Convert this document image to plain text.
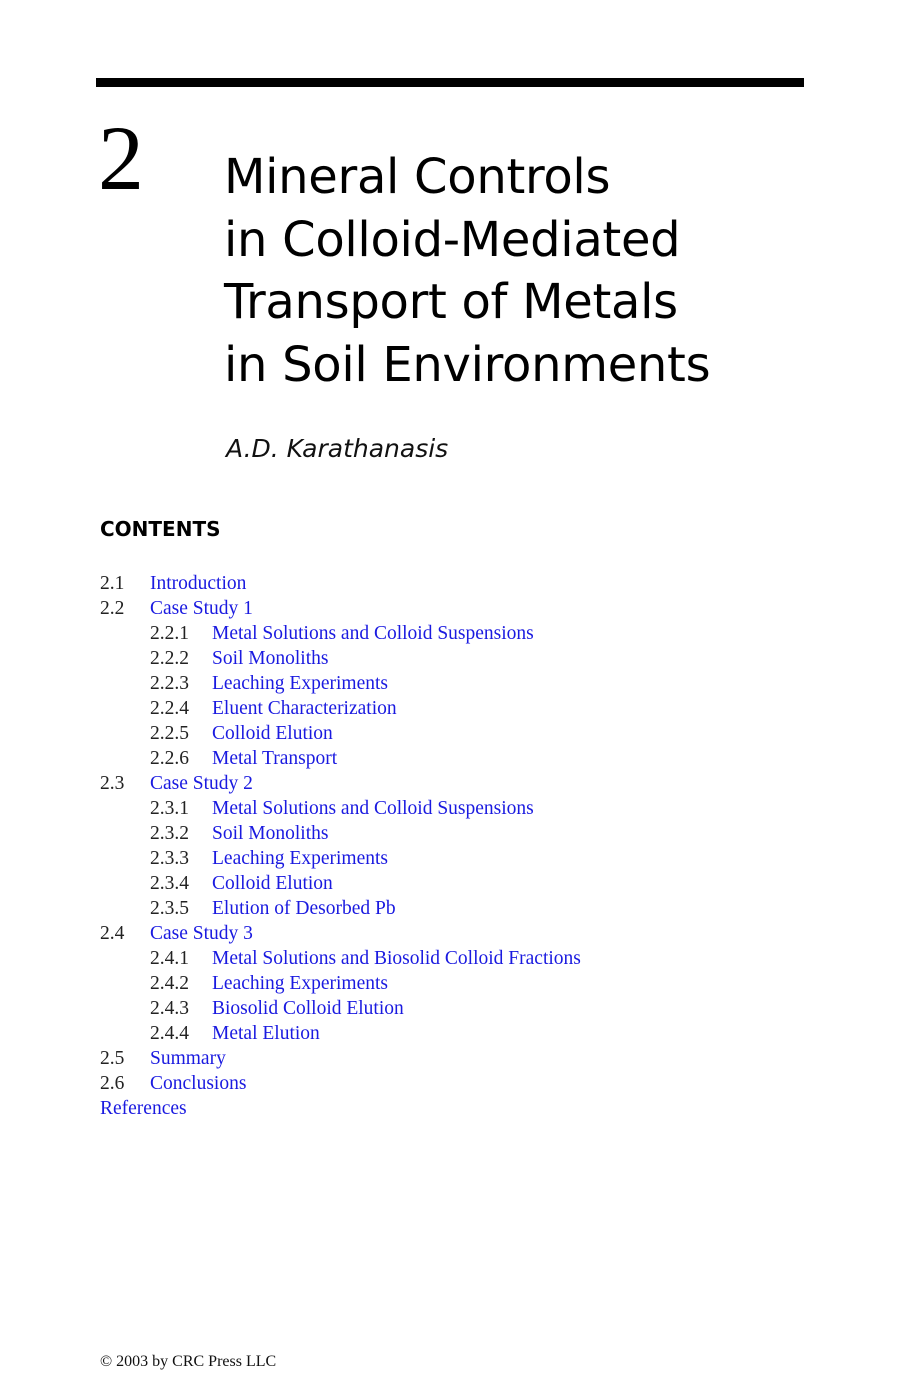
2 Mineral Controls
in Colloid-Mediated
Transport of Metals
in Soil Environments
A.D. Karathanasis
CONTENTS
2.1 Introduction
2.2 Case Study 1
2.2.1 Metal Solutions and Colloid Suspensions
2.2.2 Soil Monoliths
2.2.3 Leaching Experiments
2.2.4 Eluent Characterization
2.2.5 Colloid Elution
2.2.6 Metal Transport
2.3 Case Study 2
2.3.1 Metal Solutions and Colloid Suspensions
2.3.2 Soil Monoliths
2.3.3 Leaching Experiments
2.3.4 Colloid Elution
2.3.5 Elution of Desorbed Pb
2.4 Case Study 3
2.4.1 Metal Solutions and Biosolid Colloid Fractions
2.4.2 Leaching Experiments
2.4.3 Biosolid Colloid Elution
2.4.4 Metal Elution
2.5 Summary
2.6 Conclusions
References
© 2003 by CRC Press LLC
